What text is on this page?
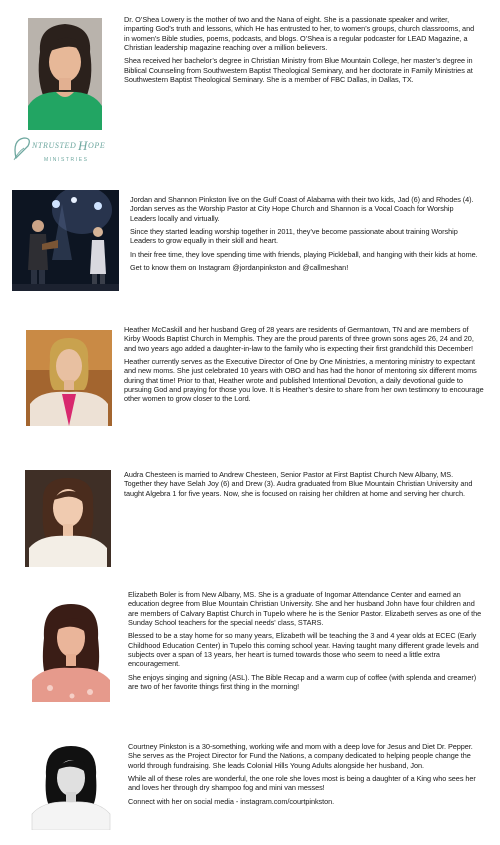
NTRUSTED H OPE
MINISTRIES

Dr. O’Shea Lowery is the mother of two and the Nana of eight. She is a passionate speaker and writer, imparting God’s truth and lessons, which He has entrusted to her, to women’s groups, church classrooms, and in women’s Bible studies, poems, podcasts, and blogs. O’Shea is a regular podcaster for LEAD Magazine, a Christian leadership magazine reaching over a million believers.

Shea received her bachelor’s degree in Christian Ministry from Blue Mountain College, her master’s degree in Biblical Counseling from Southwestern Baptist Theological Seminary, and her doctorate in Family Ministries at Southwestern Baptist Theological Seminary. She is a member of FBC Dallas, in Dallas, TX.

Jordan and Shannon Pinkston live on the Gulf Coast of Alabama with their two kids, Jad (6) and Rhodes (4). Jordan serves as the Worship Pastor at City Hope Church and Shannon is a Vocal Coach for Worship Leaders locally and virtually.

Since they started leading worship together in 2011, they’ve become passionate about training Worship Leaders to grow equally in their skill and heart.

In their free time, they love spending time with friends, playing Pickleball, and hanging with their kids at home.

Get to know them on Instagram @jordanpinkston and @callmeshan!

Heather McCaskill and her husband Greg of 28 years are residents of Germantown, TN and are members of Kirby Woods Baptist Church in Memphis. They are the proud parents of three grown sons ages 26, 24 and 20, and two years ago added a daughter-in-law to the family who is expecting their first grandchild this December!

Heather currently serves as the Executive Director of One by One Ministries, a mentoring ministry to expectant and new moms. She just celebrated 10 years with OBO and has had the honor of mentoring six different moms during that time! Prior to that, Heather wrote and published Intentional Devotion, a daily devotional guide to pursuing God and praying for those you love. It is Heather’s desire to share from her own testimony to encourage other women to grow closer to the Lord.

Audra Chesteen is married to Andrew Chesteen, Senior Pastor at First Baptist Church New Albany, MS. Together they have Selah Joy (6) and Drew (3). Audra graduated from Blue Mountain Christian University and taught Algebra 1 for five years. Now, she is focused on raising her children at home and serving her church.

Elizabeth Boler is from New Albany, MS. She is a graduate of Ingomar Attendance Center and earned an education degree from Blue Mountain Christian University. She and her husband John have four children and are members of Calvary Baptist Church in Tupelo where he is the Senior Pastor. Elizabeth serves as one of the Sunday School teachers for the special needs' class, STARS.

Blessed to be a stay home for so many years, Elizabeth will be teaching the 3 and 4 year olds at ECEC (Early Childhood Education Center) in Tupelo this coming school year. Having taught many different grade levels and subjects over a span of 13 years, her heart is turned towards those who seem to need a little extra encouragement.

She enjoys singing and signing (ASL). The Bible Recap and a warm cup of coffee (with splenda and creamer) are two of her favorite things first thing in the morning!

Courtney Pinkston is a 30-something, working wife and mom with a deep love for Jesus and Diet Dr. Pepper. She serves as the Project Director for Fund the Nations, a company dedicated to helping people change the world through fundraising. She leads Colonial Hills Young Adults alongside her husband, Jon.

While all of these roles are wonderful, the one role she loves most is being a daughter of a King who sees her and loves her through dry shampoo fog and mini van messes!

Connect with her on social media - instagram.com/courtpinkston.
